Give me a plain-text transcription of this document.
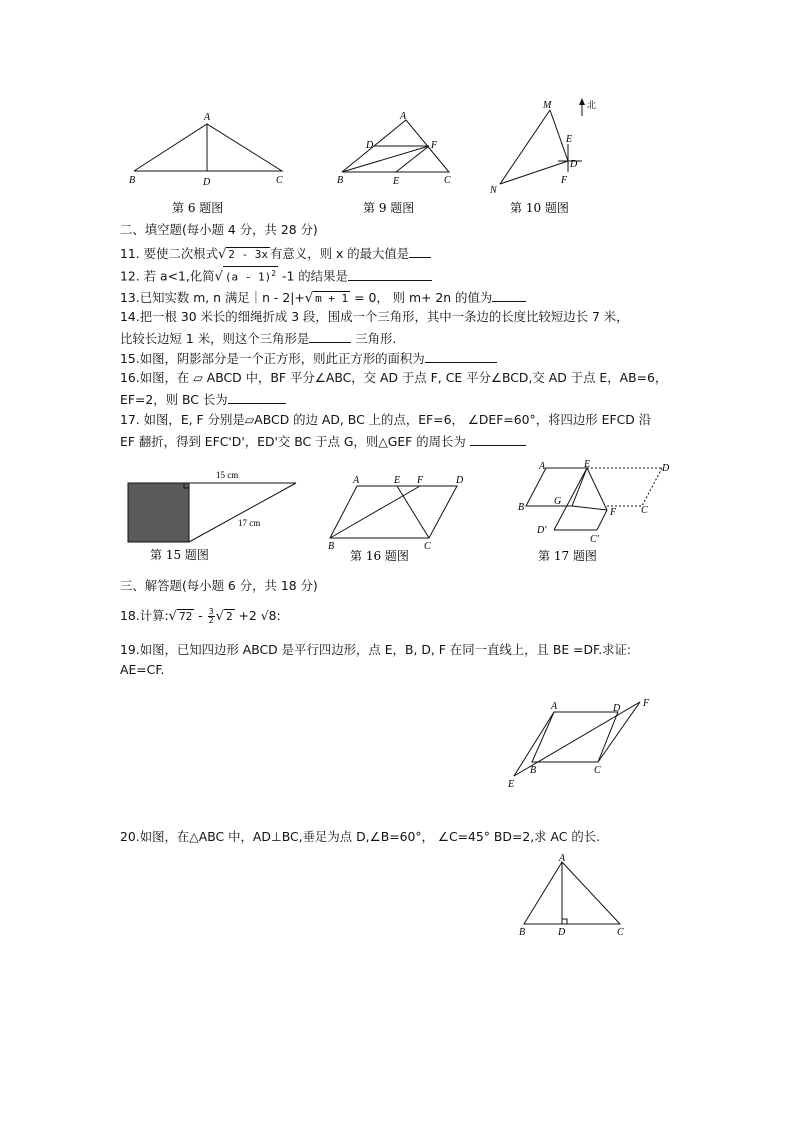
A
B	D	C
第 6 题图
A
D	F
B	E	C
第 9 题图
北
M
E
D
F
N
第 10 题图
二、填空题(每小题 4 分，共 28 分)
11. 要使二次根式√ 2 - 3x 有意义，则 x 的最大值是
12. 若 a<1,化简√ (a - 1)$^2$ -1 的结果是
13.已知实数 m, n 满足｜n - 2|+√ m + 1 = 0， 则 m+ 2n 的值为
14.把一根 30 米长的细绳折成 3 段，围成一个三角形，其中一条边的长度比较短边长 7 米，
比较长边短 1 米，则这个三角形是	三角形.
15.如图，阴影部分是一个正方形，则此正方形的面积为
16.如图，在 ▱ ABCD 中，BF 平分∠ABC，交 AD 于点 F, CE 平分∠BCD,交 AD 于点 E，AB=6，
EF=2，则 BC 长为
17. 如图，E, F 分别是▱ABCD 的边 AD, BC 上的点，EF=6， ∠DEF=60°，将四边形 EFCD 沿
EF 翻折，得到 EFC'D'，ED'交 BC 于点 G，则△GEF 的周长为
15 cm
17 cm
第 15 题图
A	E F	D
B	C
第 16 题图
A	E	D
B
G
F C
D'
C'
第 17 题图
三、解答题(每小题 6 分，共 18 分)
18.计算:√ $72 - \frac{3}{2}$ √ 2 +2 √8:
19.如图，已知四边形 ABCD 是平行四边形，点 E，B, D, F 在同一直线上，且 BE =DF.求证:
AE=CF.
A	D F
B	C
E
20.如图，在△ABC 中，AD⊥BC,垂足为点 D,∠B=60°， ∠C=45° BD=2,求 AC 的长.
A
B	D	C
